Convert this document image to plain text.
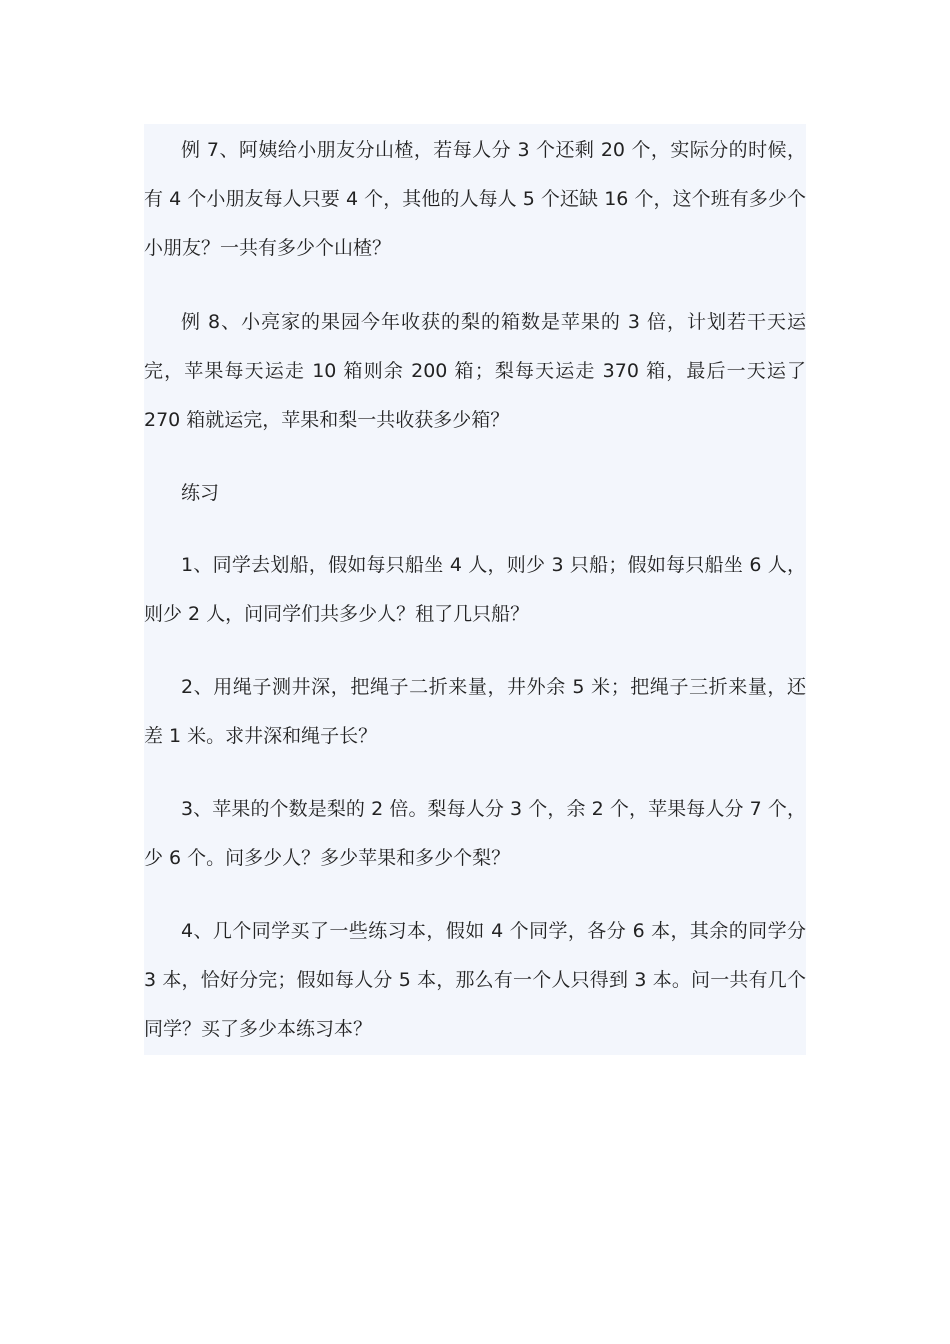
例 7、阿姨给小朋友分山楂，若每人分 3 个还剩 20 个，实际分的时候，有 4 个小朋友每人只要 4 个，其他的人每人 5 个还缺 16 个，这个班有多少个小朋友？一共有多少个山楂？

例 8、小亮家的果园今年收获的梨的箱数是苹果的 3 倍，计划若干天运完，苹果每天运走 10 箱则余 200 箱；梨每天运走 370 箱，最后一天运了 270 箱就运完，苹果和梨一共收获多少箱？

练习

1、同学去划船，假如每只船坐 4 人，则少 3 只船；假如每只船坐 6 人，则少 2 人，问同学们共多少人？租了几只船？

2、用绳子测井深，把绳子二折来量，井外余 5 米；把绳子三折来量，还差 1 米。求井深和绳子长？

3、苹果的个数是梨的 2 倍。梨每人分 3 个，余 2 个，苹果每人分 7 个，少 6 个。问多少人？多少苹果和多少个梨？

4、几个同学买了一些练习本，假如 4 个同学，各分 6 本，其余的同学分 3 本，恰好分完；假如每人分 5 本，那么有一个人只得到 3 本。问一共有几个同学？买了多少本练习本？
